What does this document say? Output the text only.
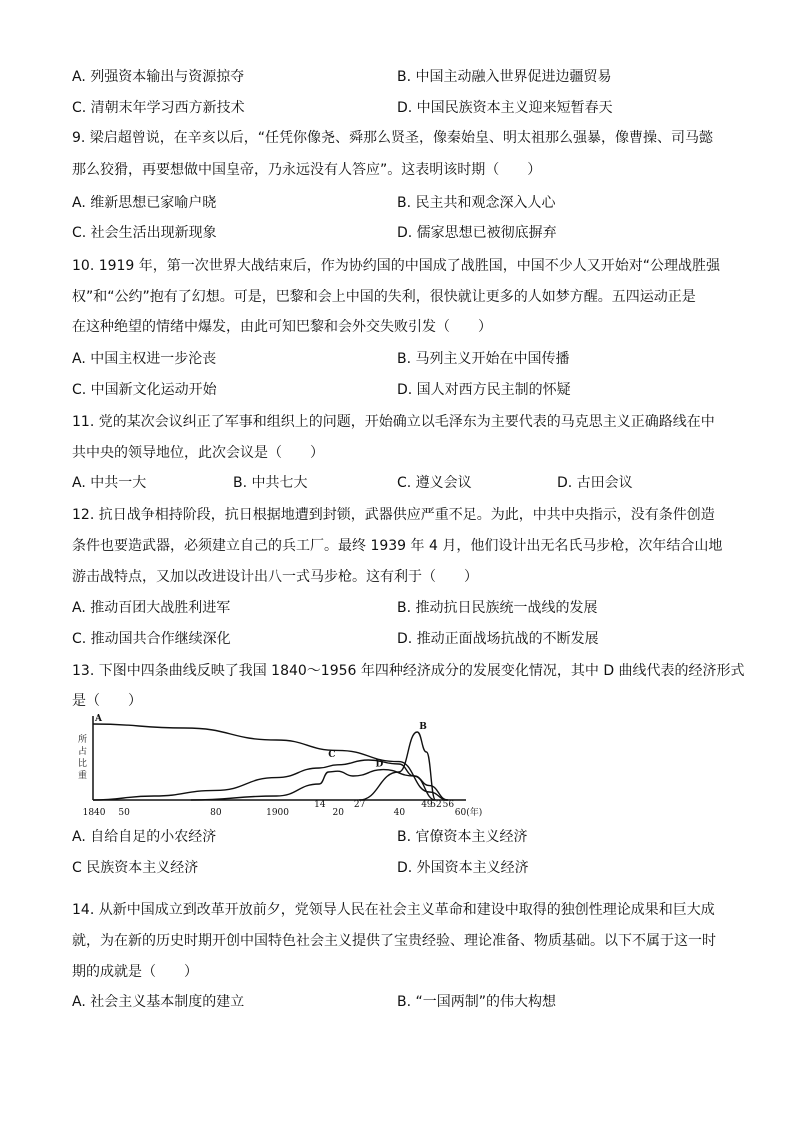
A. 列强资本输出与资源掠夺	B. 中国主动融入世界促进边疆贸易
C. 清朝末年学习西方新技术	D. 中国民族资本主义迎来短暂春天
9. 梁启超曾说，在辛亥以后，“任凭你像尧、舜那么贤圣，像秦始皇、明太祖那么强暴，像曹操、司马懿
那么狡猾，再要想做中国皇帝，乃永远没有人答应”。这表明该时期（　　）
A. 维新思想已家喻户晓	B. 民主共和观念深入人心
C. 社会生活出现新现象	D. 儒家思想已被彻底摒弃
10. 1919 年，第一次世界大战结束后，作为协约国的中国成了战胜国，中国不少人又开始对“公理战胜强
权”和“公约”抱有了幻想。可是，巴黎和会上中国的失利，很快就让更多的人如梦方醒。五四运动正是
在这种绝望的情绪中爆发，由此可知巴黎和会外交失败引发（　　）
A. 中国主权进一步沦丧	B. 马列主义开始在中国传播
C. 中国新文化运动开始	D. 国人对西方民主制的怀疑
11. 党的某次会议纠正了军事和组织上的问题，开始确立以毛泽东为主要代表的马克思主义正确路线在中
共中央的领导地位，此次会议是（　　）
A. 中共一大	B. 中共七大	C. 遵义会议	D. 古田会议
12. 抗日战争相持阶段，抗日根据地遭到封锁，武器供应严重不足。为此，中共中央指示，没有条件创造
条件也要造武器，必须建立自己的兵工厂。最终 1939 年 4 月，他们设计出无名氏马步枪，次年结合山地
游击战特点，又加以改进设计出八一式马步枪。这有利于（　　）
A. 推动百团大战胜利进军	B. 推动抗日民族统一战线的发展
C. 推动国共合作继续深化	D. 推动正面战场抗战的不断发展
13. 下图中四条曲线反映了我国 1840～1956 年四种经济成分的发展变化情况，其中 D 曲线代表的经济形式
是（　　）
所
占
比
重
1840 50	80	1900
14
20
27
40
49
52 56
60(年)
A
B
C
D
A. 自给自足的小农经济	B. 官僚资本主义经济
C 民族资本主义经济	D. 外国资本主义经济
14. 从新中国成立到改革开放前夕，党领导人民在社会主义革命和建设中取得的独创性理论成果和巨大成
就，为在新的历史时期开创中国特色社会主义提供了宝贵经验、理论准备、物质基础。以下不属于这一时
期的成就是（　　）
A. 社会主义基本制度的建立	B. “一国两制”的伟大构想
